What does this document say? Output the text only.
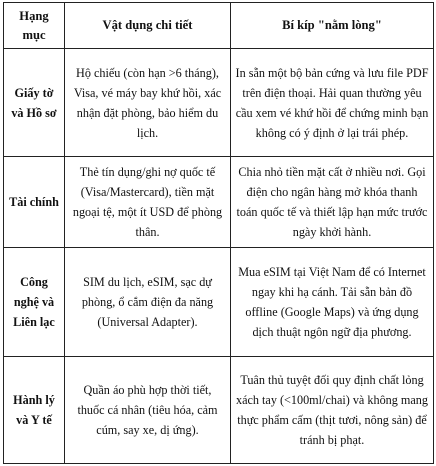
Hạng mục	Vật dụng chi tiết	Bí kíp "nằm lòng"
Giấy tờ và Hồ sơ	Hộ chiếu (còn hạn >6 tháng), Visa, vé máy bay khứ hồi, xác nhận đặt phòng, bảo hiểm du lịch.	In sẵn một bộ bản cứng và lưu file PDF trên điện thoại. Hải quan thường yêu cầu xem vé khứ hồi để chứng minh bạn không có ý định ở lại trái phép.
Tài chính	Thẻ tín dụng/ghi nợ quốc tế (Visa/Mastercard), tiền mặt ngoại tệ, một ít USD để phòng thân.	Chia nhỏ tiền mặt cất ở nhiều nơi. Gọi điện cho ngân hàng mở khóa thanh toán quốc tế và thiết lập hạn mức trước ngày khởi hành.
Công nghệ và Liên lạc	SIM du lịch, eSIM, sạc dự phòng, ổ cắm điện đa năng (Universal Adapter).	Mua eSIM tại Việt Nam để có Internet ngay khi hạ cánh. Tải sẵn bản đồ offline (Google Maps) và ứng dụng dịch thuật ngôn ngữ địa phương.
Hành lý và Y tế	Quần áo phù hợp thời tiết, thuốc cá nhân (tiêu hóa, cảm cúm, say xe, dị ứng).	Tuân thủ tuyệt đối quy định chất lỏng xách tay (<100ml/chai) và không mang thực phẩm cấm (thịt tươi, nông sản) để tránh bị phạt.
